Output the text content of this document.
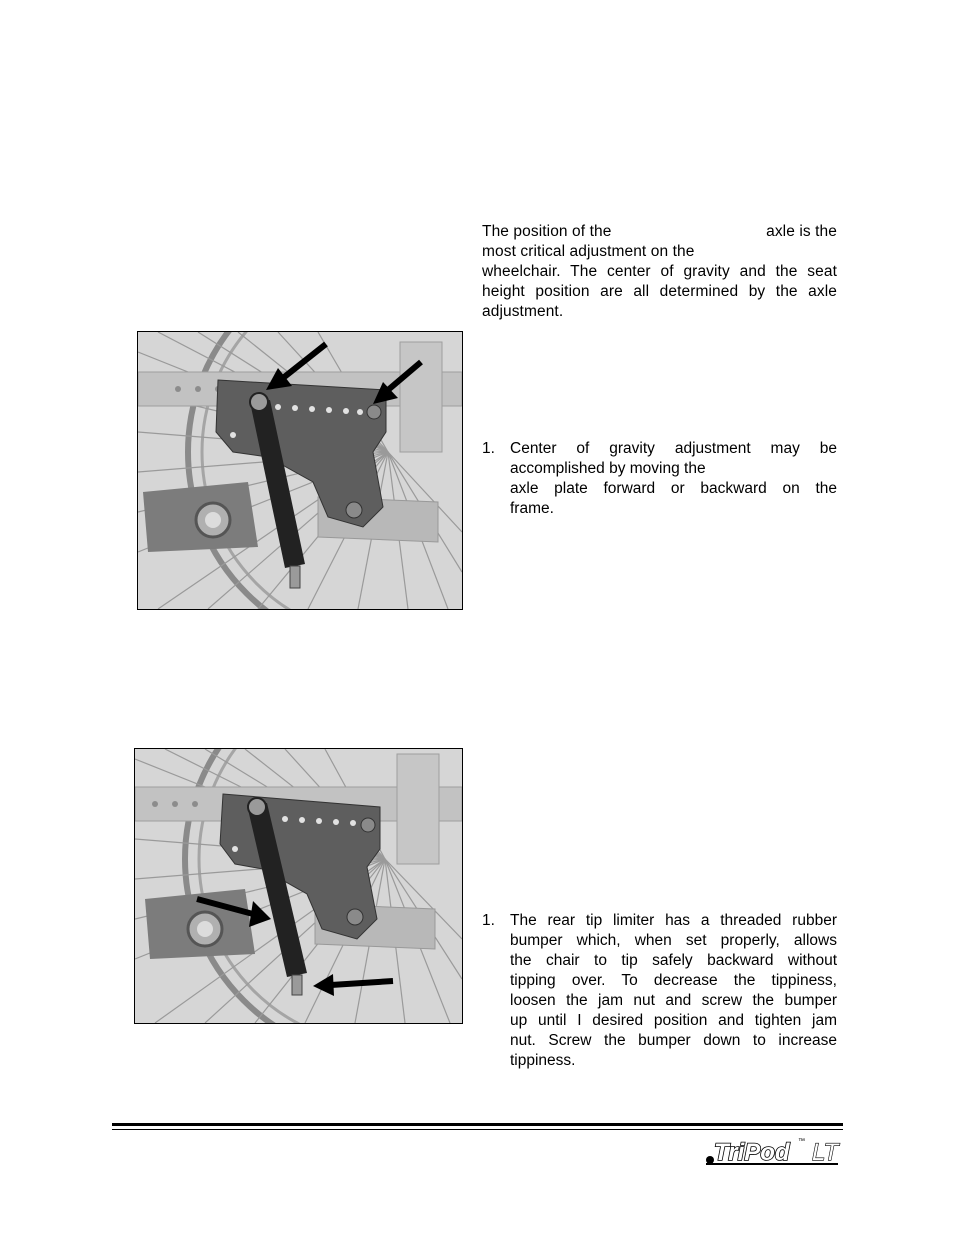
The position of the	axle is the
most critical adjustment on the
wheelchair. The center of gravity and the seat
height position are all determined by the axle
adjustment.
1. Center of gravity adjustment may be
accomplished by moving the
axle plate forward or backward on the
frame.
1. The rear tip limiter has a threaded rubber
bumper which, when set properly, allows
the chair to tip safely backward without
tipping over. To decrease the tippiness,
loosen the jam nut and screw the bumper
up until I desired position and tighten jam
nut. Screw the bumper down to increase
tippiness.
TriPod ™ LT
